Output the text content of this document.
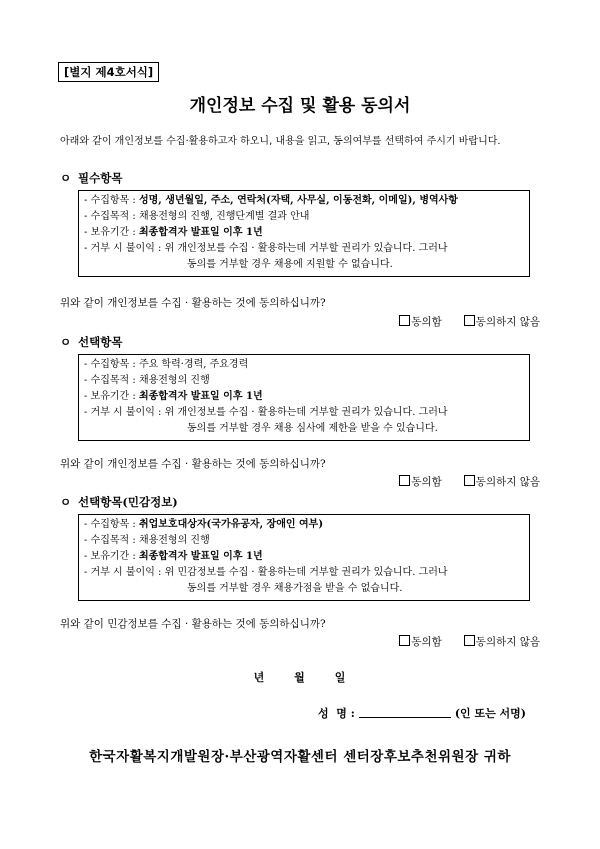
[별지 제4호서식]
개인정보 수집 및 활용 동의서
아래와 같이 개인정보를 수집·활용하고자 하오니, 내용을 읽고, 동의여부를 선택하여 주시기 바랍니다.
ㅇ 필수항목
- 수집항목 : 성명, 생년월일, 주소, 연락처(자택, 사무실, 이동전화, 이메일), 병역사항
- 수집목적 : 채용전형의 진행, 진행단계별 결과 안내
- 보유기간 : 최종합격자 발표일 이후 1년
- 거부 시 불이익 : 위 개인정보를 수집 · 활용하는데 거부할 권리가 있습니다. 그러나
동의를 거부할 경우 채용에 지원할 수 없습니다.
위와 같이 개인정보를 수집 · 활용하는 것에 동의하십니까?
동의함	동의하지 않음
ㅇ 선택항목
- 수집항목 : 주요 학력·경력, 주요경력
- 수집목적 : 채용전형의 진행
- 보유기간 : 최종합격자 발표일 이후 1년
- 거부 시 불이익 : 위 개인정보를 수집 · 활용하는데 거부할 권리가 있습니다. 그러나
동의를 거부할 경우 채용 심사에 제한을 받을 수 있습니다.
위와 같이 개인정보를 수집 · 활용하는 것에 동의하십니까?
동의함	동의하지 않음
ㅇ 선택항목(민감정보)
- 수집항목 : 취업보호대상자(국가유공자, 장애인 여부)
- 수집목적 : 채용전형의 진행
- 보유기간 : 최종합격자 발표일 이후 1년
- 거부 시 불이익 : 위 민감정보를 수집 · 활용하는데 거부할 권리가 있습니다. 그러나
동의를 거부할 경우 채용가점을 받을 수 없습니다.
위와 같이 민감정보를 수집 · 활용하는 것에 동의하십니까?
동의함	동의하지 않음
년      월      일
성  명 :	(인 또는 서명)
한국자활복지개발원장·부산광역자활센터 센터장후보추천위원장 귀하
